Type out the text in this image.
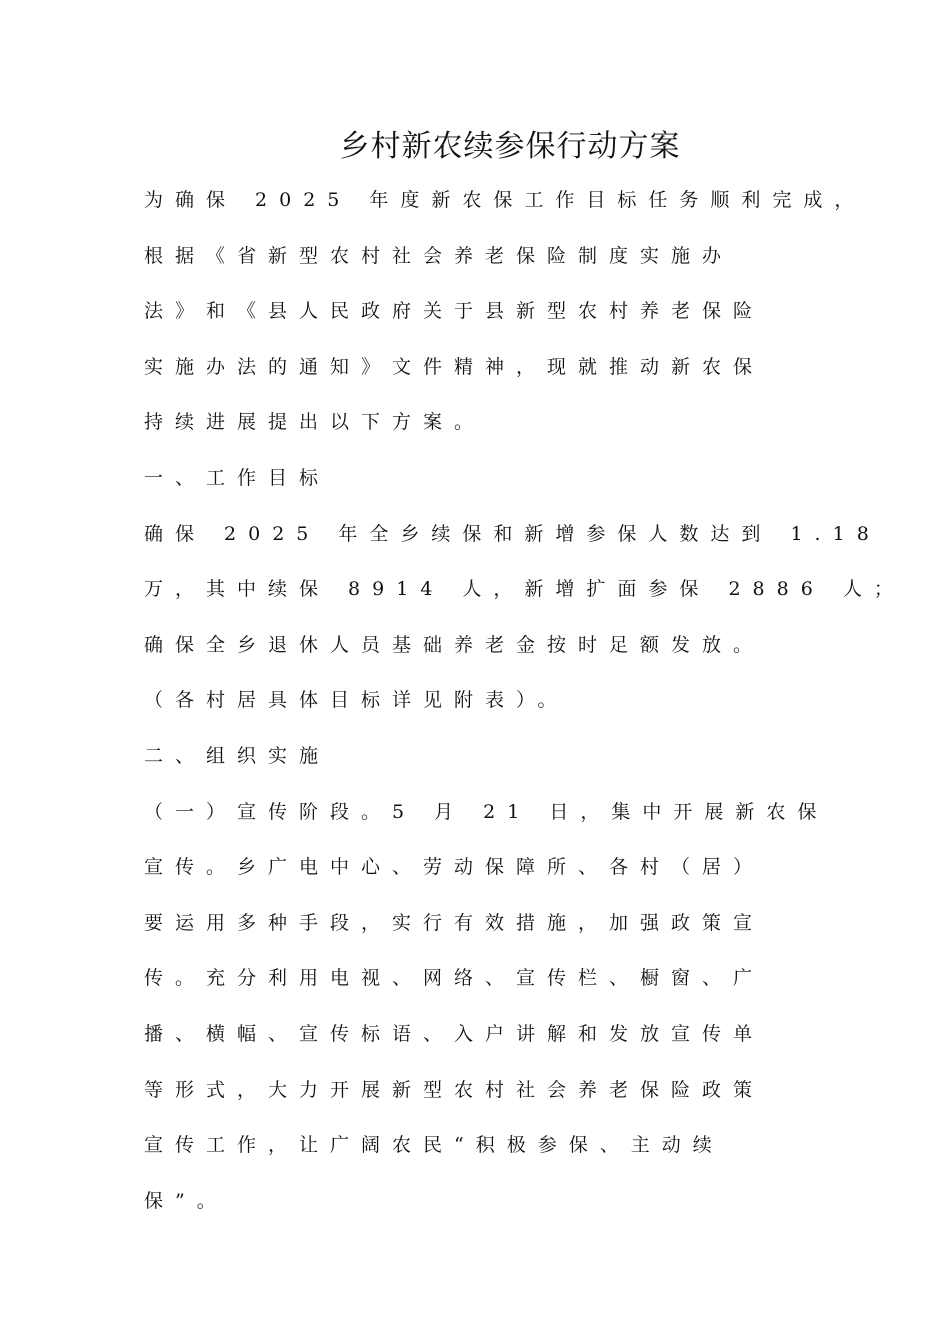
乡村新农续参保行动方案
为确保 2025 年度新农保工作目标任务顺利完成，
根据《省新型农村社会养老保险制度实施办
法》和《县人民政府关于县新型农村养老保险
实施办法的通知》文件精神，现就推动新农保
持续进展提出以下方案。
一、工作目标
确保 2025 年全乡续保和新增参保人数达到 1.18
万，其中续保 8914 人，新增扩面参保 2886 人；
确保全乡退休人员基础养老金按时足额发放。
（各村居具体目标详见附表）。
二、组织实施
（一）宣传阶段。5 月 21 日，集中开展新农保
宣传。乡广电中心、劳动保障所、各村（居）
要运用多种手段，实行有效措施，加强政策宣
传。充分利用电视、网络、宣传栏、橱窗、广
播、横幅、宣传标语、入户讲解和发放宣传单
等形式，大力开展新型农村社会养老保险政策
宣传工作，让广阔农民“积极参保、主动续
保”。
